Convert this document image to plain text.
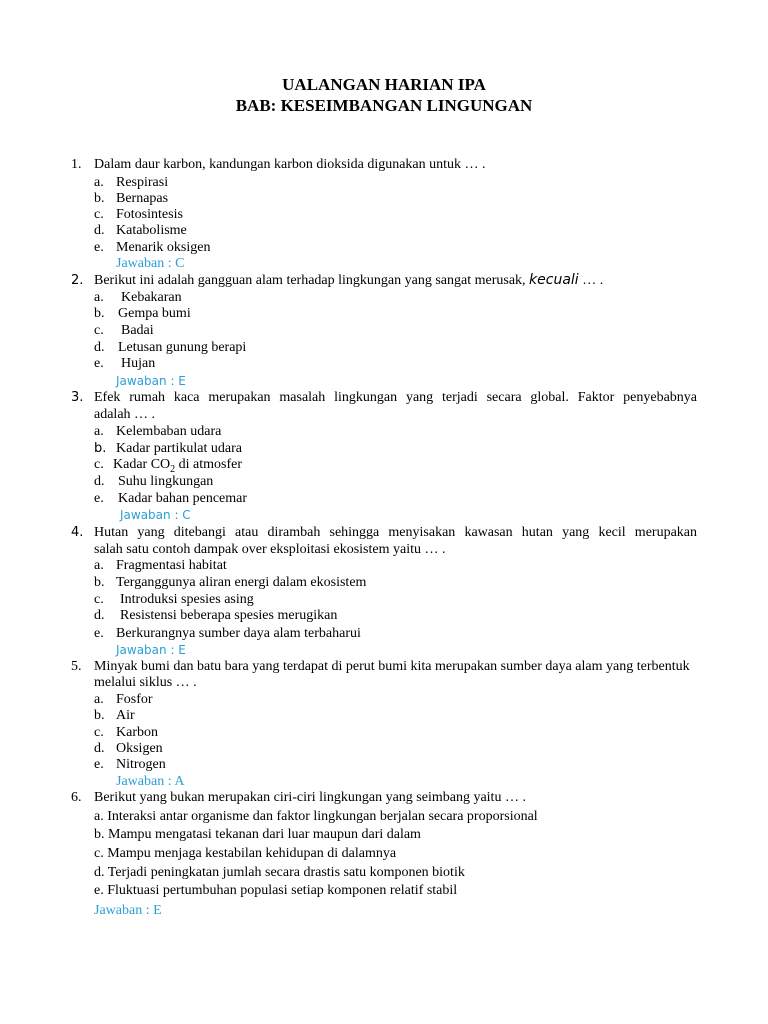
UALANGAN HARIAN IPA
BAB: KESEIMBANGAN LINGUNGAN
1. Dalam daur karbon, kandungan karbon dioksida digunakan untuk … .
a. Respirasi
b. Bernapas
c. Fotosintesis
d. Katabolisme
e. Menarik oksigen
Jawaban : C
2. Berikut ini adalah gangguan alam terhadap lingkungan yang sangat merusak, kecuali … .
a. Kebakaran
b. Gempa bumi
c. Badai
d. Letusan gunung berapi
e. Hujan
Jawaban : E
3. Efek rumah kaca merupakan masalah lingkungan yang terjadi secara global. Faktor penyebabnya
adalah … .
a. Kelembaban udara
b. Kadar partikulat udara
c. Kadar $CO_2$ di atmosfer
d. Suhu lingkungan
e. Kadar bahan pencemar
Jawaban : C
4. Hutan yang ditebangi atau dirambah sehingga menyisakan kawasan hutan yang kecil merupakan
salah satu contoh dampak over eksploitasi ekosistem yaitu … .
a. Fragmentasi habitat
b. Terganggunya aliran energi dalam ekosistem
c. Introduksi spesies asing
d. Resistensi beberapa spesies merugikan
e. Berkurangnya sumber daya alam terbaharui
Jawaban : E
5. Minyak bumi dan batu bara yang terdapat di perut bumi kita merupakan sumber daya alam yang terbentuk
melalui siklus … .
a. Fosfor
b. Air
c. Karbon
d. Oksigen
e. Nitrogen
Jawaban : A
6. Berikut yang bukan merupakan ciri-ciri lingkungan yang seimbang yaitu … .
a. Interaksi antar organisme dan faktor lingkungan berjalan secara proporsional
b. Mampu mengatasi tekanan dari luar maupun dari dalam
c. Mampu menjaga kestabilan kehidupan di dalamnya
d. Terjadi peningkatan jumlah secara drastis satu komponen biotik
e. Fluktuasi pertumbuhan populasi setiap komponen relatif stabil
Jawaban : E
